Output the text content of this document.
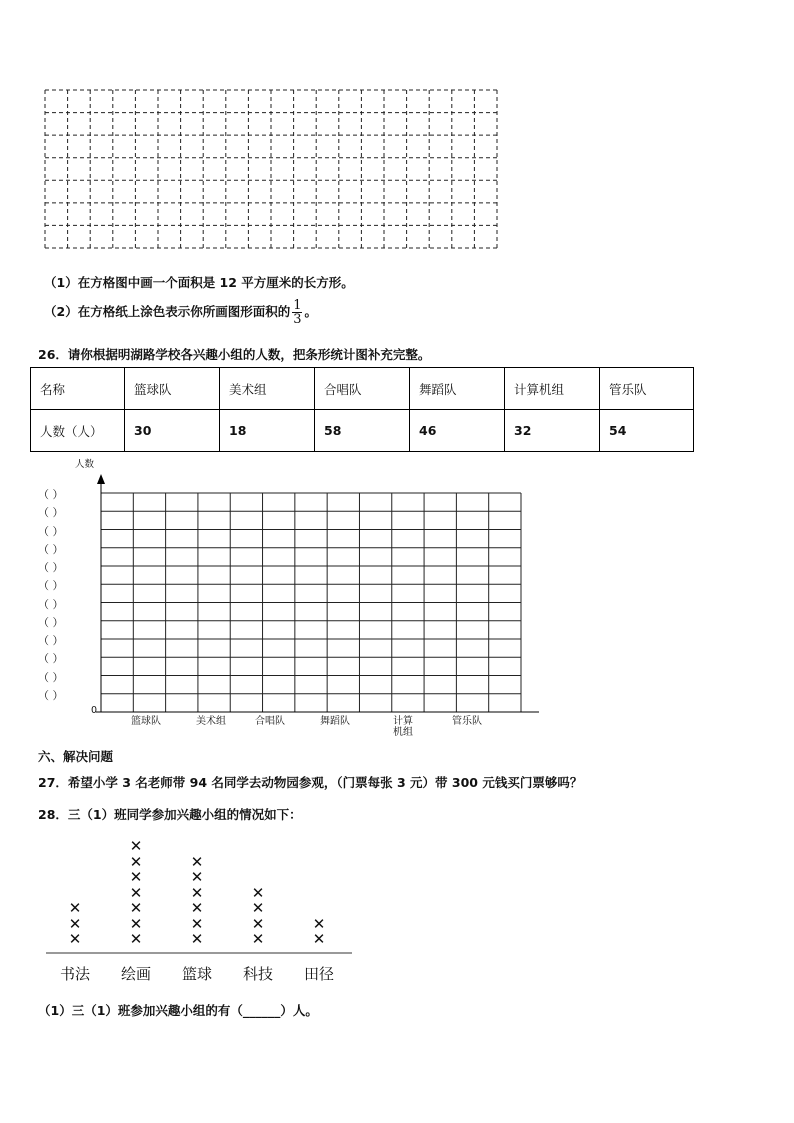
（1）在方格图中画一个面积是 12 平方厘米的长方形。
（2）在方格纸上涂色表示你所画图形面积的 $\frac{1}{3}$ 。
26．请你根据明湖路学校各兴趣小组的人数，把条形统计图补充完整。
名称	篮球队	美术组	合唱队	舞蹈队	计算机组	管乐队
人数（人）	30	18	58	46	32	54
人数
0
（ ）
（ ）
（ ）
（ ）
（ ）
（ ）
（ ）
（ ）
（ ）
（ ）
（ ）
（ ）
篮球队	美术组	合唱队	舞蹈队	计算
机组
管乐队
六、解决问题
27．希望小学 3 名老师带 94 名同学去动物园参观，（门票每张 3 元）带 300 元钱买门票够吗？
28．三（1）班同学参加兴趣小组的情况如下：
✕
✕
✕
书法
✕
✕
✕
✕
✕
✕
✕
绘画
✕
✕
✕
✕
✕
✕
篮球
✕
✕
✕
✕
科技
✕
✕
田径
（1）三（1）班参加兴趣小组的有（______）人。
